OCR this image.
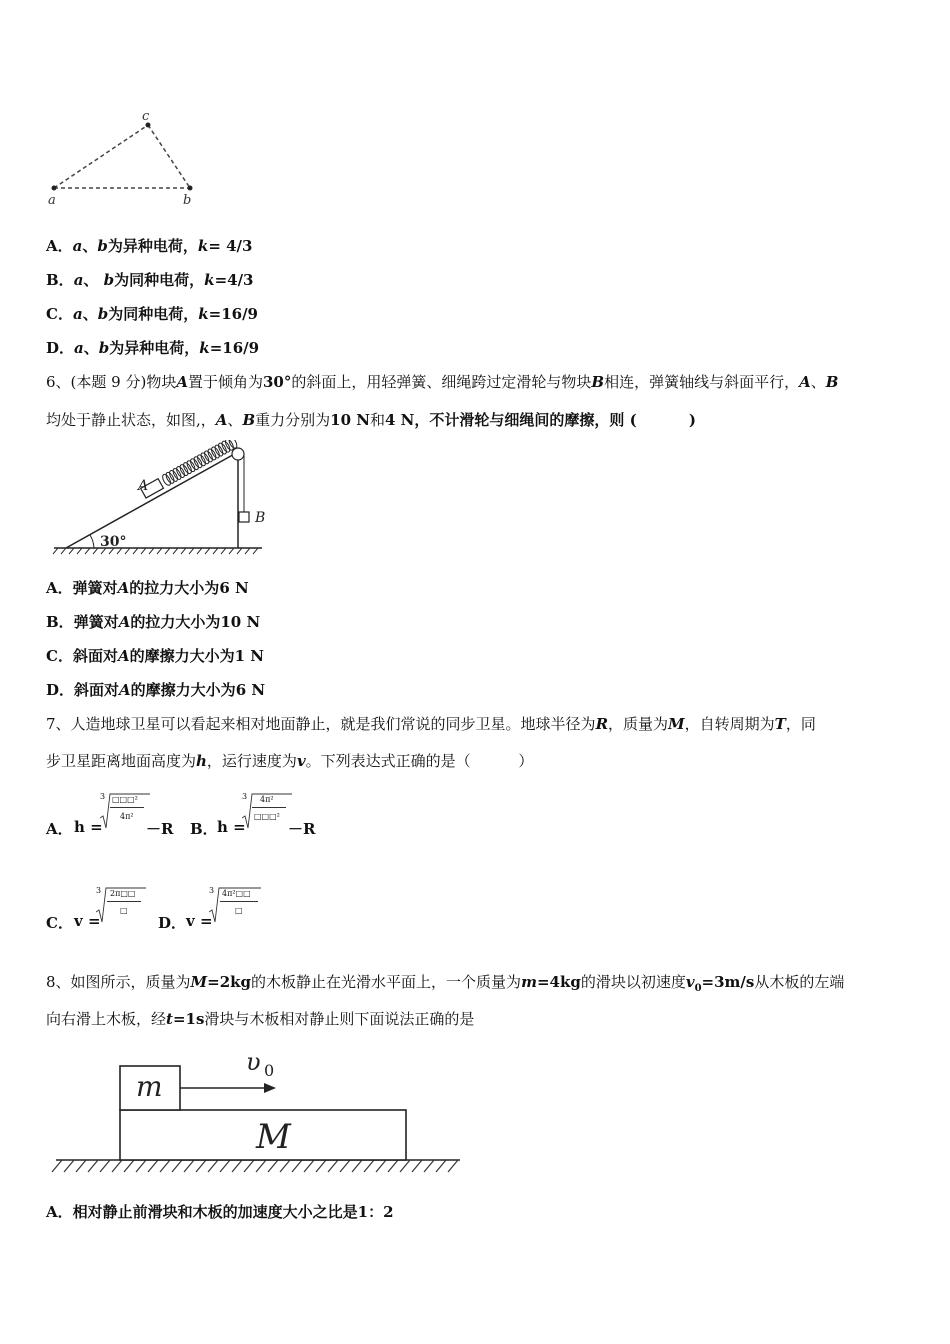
a	b
c
A．a、b为异种电荷，k= 4/3
B．a、 b为同种电荷，k=4/3
C．a、b为同种电荷，k=16/9
D．a、b为异种电荷，k=16/9
6、(本题 9 分)物块A置于倾角为30°的斜面上，用轻弹簧、细绳跨过定滑轮与物块B相连，弹簧轴线与斜面平行，A、B
均处于静止状态，如图,，A、B重力分别为10 N和4 N，不计滑轮与细绳间的摩擦，则 (          )
30°
A
B
A．弹簧对A的拉力大小为6 N
B．弹簧对A的拉力大小为10 N
C．斜面对A的摩擦力大小为1 N
D．斜面对A的摩擦力大小为6 N
7、人造地球卫星可以看起来相对地面静止，就是我们常说的同步卫星。地球半径为R，质量为M，自转周期为T，同
步卫星距离地面高度为h，运行速度为v。下列表达式正确的是（          ）
A． h =
3 □□□²
4π²
－R B． h =
3 4π²
□□□²
－R
C． v =
3 2π□□
□
D． v =
3 4π²□□
□
8、如图所示，质量为M=2kg的木板静止在光滑水平面上，一个质量为m=4kg的滑块以初速度$v_0=3m/s$从木板的左端
向右滑上木板，经t=1s滑块与木板相对静止则下面说法正确的是
M
m
υ 0
A．相对静止前滑块和木板的加速度大小之比是1：2
